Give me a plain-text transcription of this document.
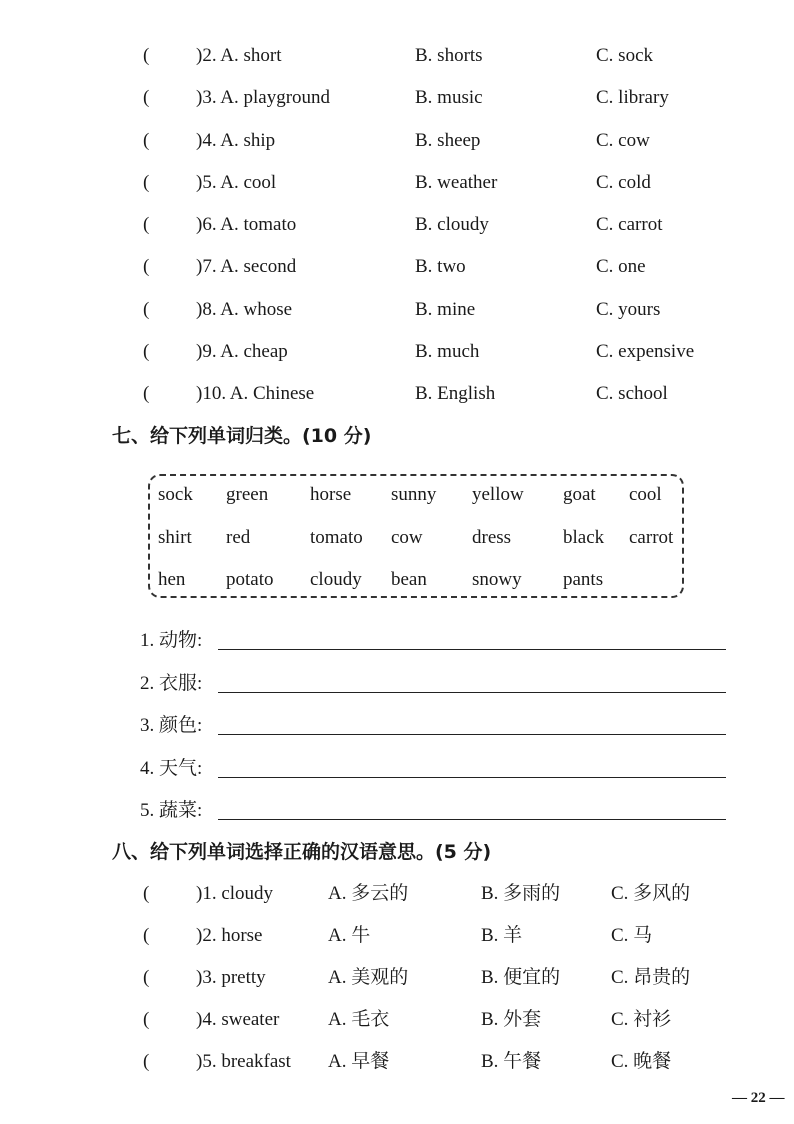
( )2. A. short	B. shorts	C. sock
( )3. A. playground	B. music	C. library
( )4. A. ship	B. sheep	C. cow
( )5. A. cool	B. weather	C. cold
( )6. A. tomato	B. cloudy	C. carrot
( )7. A. second	B. two	C. one
( )8. A. whose	B. mine	C. yours
( )9. A. cheap	B. much	C. expensive
( )10. A. Chinese	B. English	C. school
七、给下列单词归类。(10 分)
sock green horse sunny yellow goat cool
shirt red	tomato cow	dress	black carrot
hen potato cloudy bean snowy pants
1. 动物:
2. 衣服:
3. 颜色:
4. 天气:
5. 蔬菜:
八、给下列单词选择正确的汉语意思。(5 分)
( )1. cloudy	A. 多云的	B. 多雨的	C. 多风的
( )2. horse	A. 牛	B. 羊	C. 马
( )3. pretty	A. 美观的	B. 便宜的	C. 昂贵的
( )4. sweater	A. 毛衣	B. 外套	C. 衬衫
( )5. breakfast A. 早餐	B. 午餐	C. 晚餐
— 22 —
